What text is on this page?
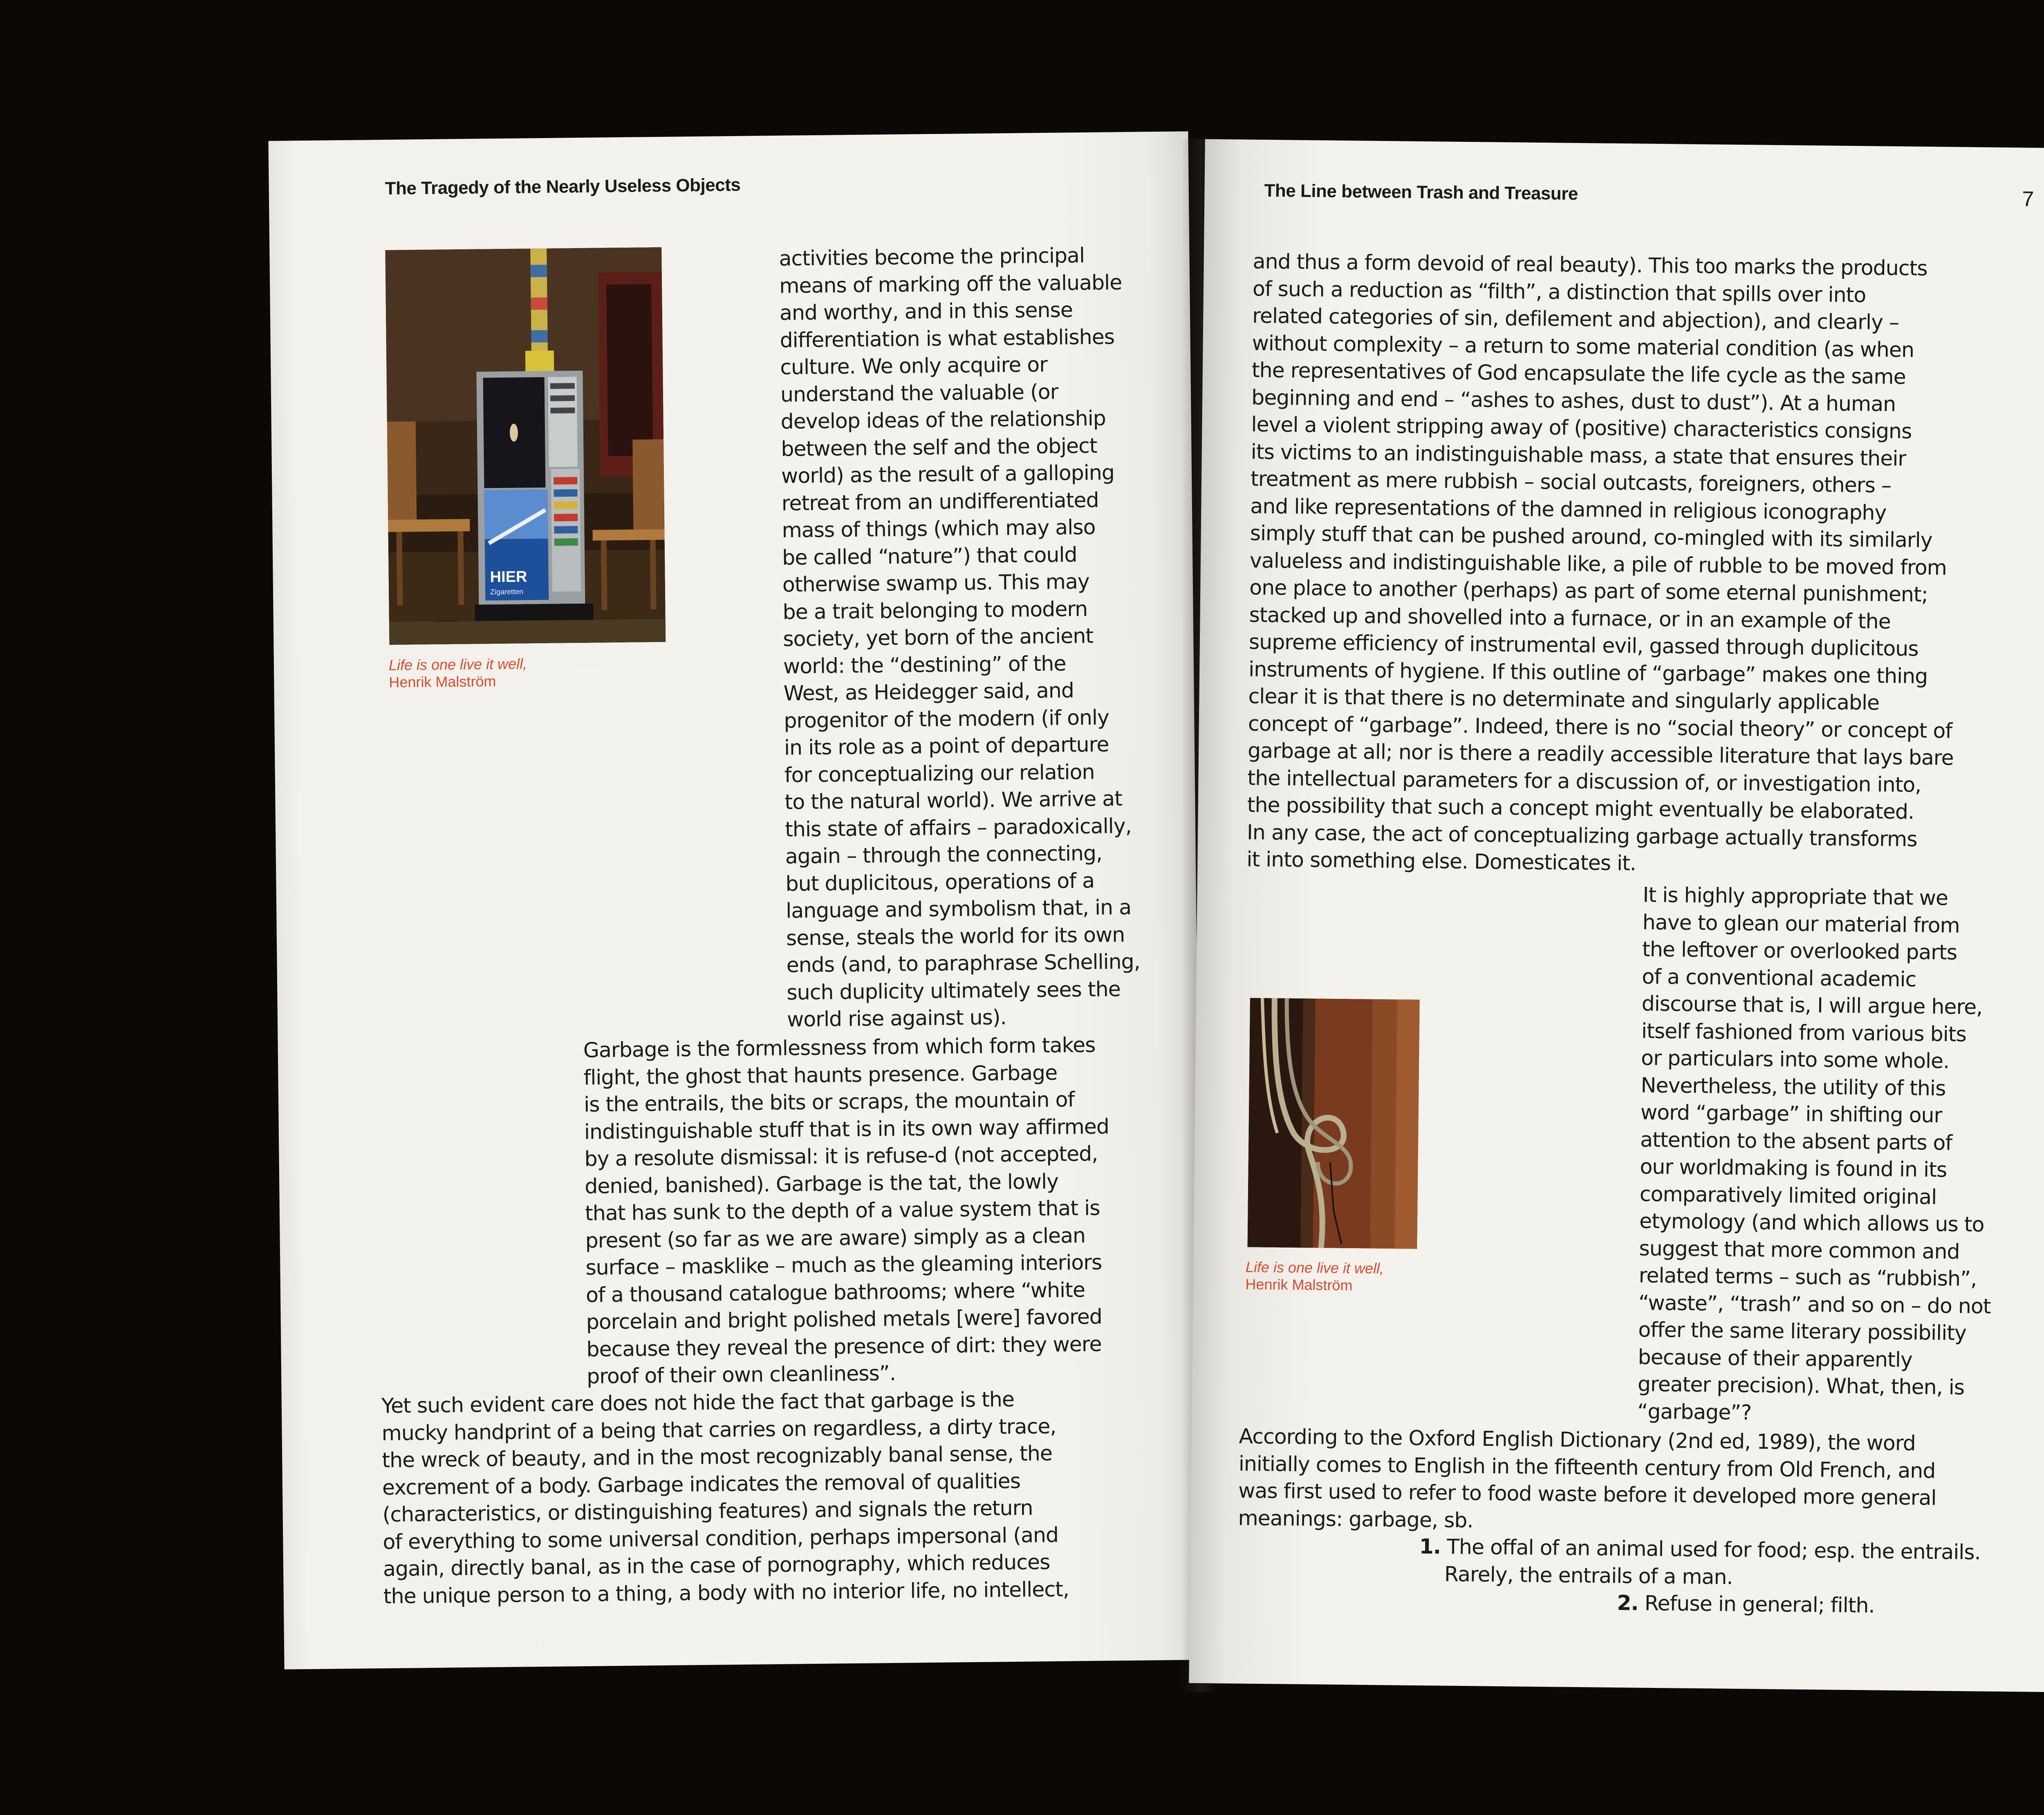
The Tragedy of the Nearly Useless Objects
HIER
Zigaretten
Life is one live it well,
Henrik Malström
activities become the principal
means of marking off the valuable
and worthy, and in this sense
differentiation is what establishes
culture. We only acquire or
understand the valuable (or
develop ideas of the relationship
between the self and the object
world) as the result of a galloping
retreat from an undifferentiated
mass of things (which may also
be called “nature”) that could
otherwise swamp us. This may
be a trait belonging to modern
society, yet born of the ancient
world: the “destining” of the
West, as Heidegger said, and
progenitor of the modern (if only
in its role as a point of departure
for conceptualizing our relation
to the natural world). We arrive at
this state of affairs – paradoxically,
again – through the connecting,
but duplicitous, operations of a
language and symbolism that, in a
sense, steals the world for its own
ends (and, to paraphrase Schelling,
such duplicity ultimately sees the
world rise against us).
Garbage is the formlessness from which form takes
flight, the ghost that haunts presence. Garbage
is the entrails, the bits or scraps, the mountain of
indistinguishable stuff that is in its own way affirmed
by a resolute dismissal: it is refuse-d (not accepted,
denied, banished). Garbage is the tat, the lowly
that has sunk to the depth of a value system that is
present (so far as we are aware) simply as a clean
surface – masklike – much as the gleaming interiors
of a thousand catalogue bathrooms; where “white
porcelain and bright polished metals [were] favored
because they reveal the presence of dirt: they were
proof of their own cleanliness”.
Yet such evident care does not hide the fact that garbage is the
mucky handprint of a being that carries on regardless, a dirty trace,
the wreck of beauty, and in the most recognizably banal sense, the
excrement of a body. Garbage indicates the removal of qualities
(characteristics, or distinguishing features) and signals the return
of everything to some universal condition, perhaps impersonal (and
again, directly banal, as in the case of pornography, which reduces
the unique person to a thing, a body with no interior life, no intellect,
The Line between Trash and Treasure	7
and thus a form devoid of real beauty). This too marks the products
of such a reduction as “filth”, a distinction that spills over into
related categories of sin, defilement and abjection), and clearly –
without complexity – a return to some material condition (as when
the representatives of God encapsulate the life cycle as the same
beginning and end – “ashes to ashes, dust to dust”). At a human
level a violent stripping away of (positive) characteristics consigns
its victims to an indistinguishable mass, a state that ensures their
treatment as mere rubbish – social outcasts, foreigners, others –
and like representations of the damned in religious iconography
simply stuff that can be pushed around, co-mingled with its similarly
valueless and indistinguishable like, a pile of rubble to be moved from
one place to another (perhaps) as part of some eternal punishment;
stacked up and shovelled into a furnace, or in an example of the
supreme efficiency of instrumental evil, gassed through duplicitous
instruments of hygiene. If this outline of “garbage” makes one thing
clear it is that there is no determinate and singularly applicable
concept of “garbage”. Indeed, there is no “social theory” or concept of
garbage at all; nor is there a readily accessible literature that lays bare
the intellectual parameters for a discussion of, or investigation into,
the possibility that such a concept might eventually be elaborated.
In any case, the act of conceptualizing garbage actually transforms
it into something else. Domesticates it.
Life is one live it well,
Henrik Malström
It is highly appropriate that we
have to glean our material from
the leftover or overlooked parts
of a conventional academic
discourse that is, I will argue here,
itself fashioned from various bits
or particulars into some whole.
Nevertheless, the utility of this
word “garbage” in shifting our
attention to the absent parts of
our worldmaking is found in its
comparatively limited original
etymology (and which allows us to
suggest that more common and
related terms – such as “rubbish”,
“waste”, “trash” and so on – do not
offer the same literary possibility
because of their apparently
greater precision). What, then, is
“garbage”?
According to the Oxford English Dictionary (2nd ed, 1989), the word
initially comes to English in the fifteenth century from Old French, and
was first used to refer to food waste before it developed more general
meanings: garbage, sb.
1. The offal of an animal used for food; esp. the entrails.
Rarely, the entrails of a man.
2. Refuse in general; filth.
